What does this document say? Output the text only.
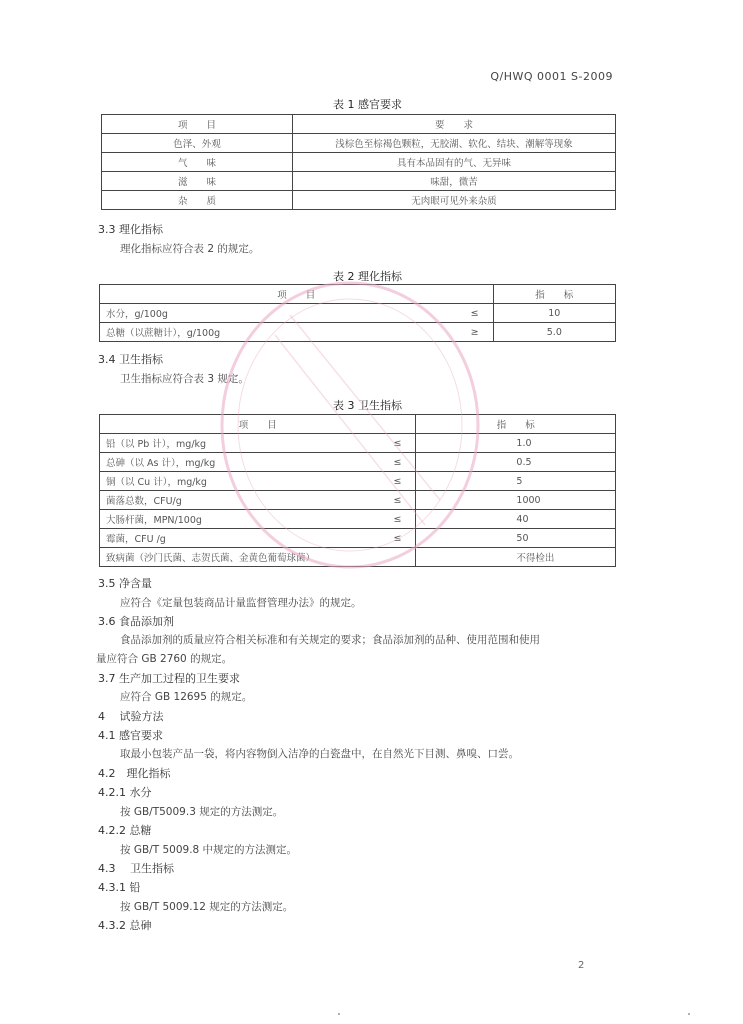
Q/HWQ 0001 S-2009
表 1 感官要求
项　　目	要　　求
色泽、外观	浅棕色至棕褐色颗粒，无胶湖、软化、结块、潮解等现象
气　　味	具有本品固有的气、无异味
滋　　味	味甜，微苦
杂　　质	无肉眼可见外来杂质
3.3 理化指标
理化指标应符合表 2 的规定。
表 2 理化指标
项　　目		指　　标
水分，g/100g	≤	10
总糖（以蔗糖计），g/100g	≥	5.0
3.4 卫生指标
卫生指标应符合表 3 规定。
表 3 卫生指标
项　　目		指　　标
铅（以 Pb 计），mg/kg	≤	1.0
总砷（以 As 计），mg/kg	≤	0.5
铜（以 Cu 计），mg/kg	≤	5
菌落总数，CFU/g	≤	1000
大肠杆菌，MPN/100g	≤	40
霉菌，CFU /g	≤	50
致病菌（沙门氏菌、志贺氏菌、金黄色葡萄球菌）		不得检出
3.5 净含量
应符合《定量包装商品计量监督管理办法》的规定。
3.6 食品添加剂
食品添加剂的质量应符合相关标准和有关规定的要求；食品添加剂的品种、使用范围和使用
量应符合 GB 2760 的规定。
3.7 生产加工过程的卫生要求
应符合 GB 12695 的规定。
4　 试验方法
4.1 感官要求
取最小包装产品一袋，将内容物倒入洁净的白瓷盘中，在自然光下目测、鼻嗅、口尝。
4.2　理化指标
4.2.1 水分
按 GB/T5009.3 规定的方法测定。
4.2.2 总糖
按 GB/T 5009.8 中规定的方法测定。
4.3　 卫生指标
4.3.1 铅
按 GB/T 5009.12 规定的方法测定。
4.3.2 总砷
2
